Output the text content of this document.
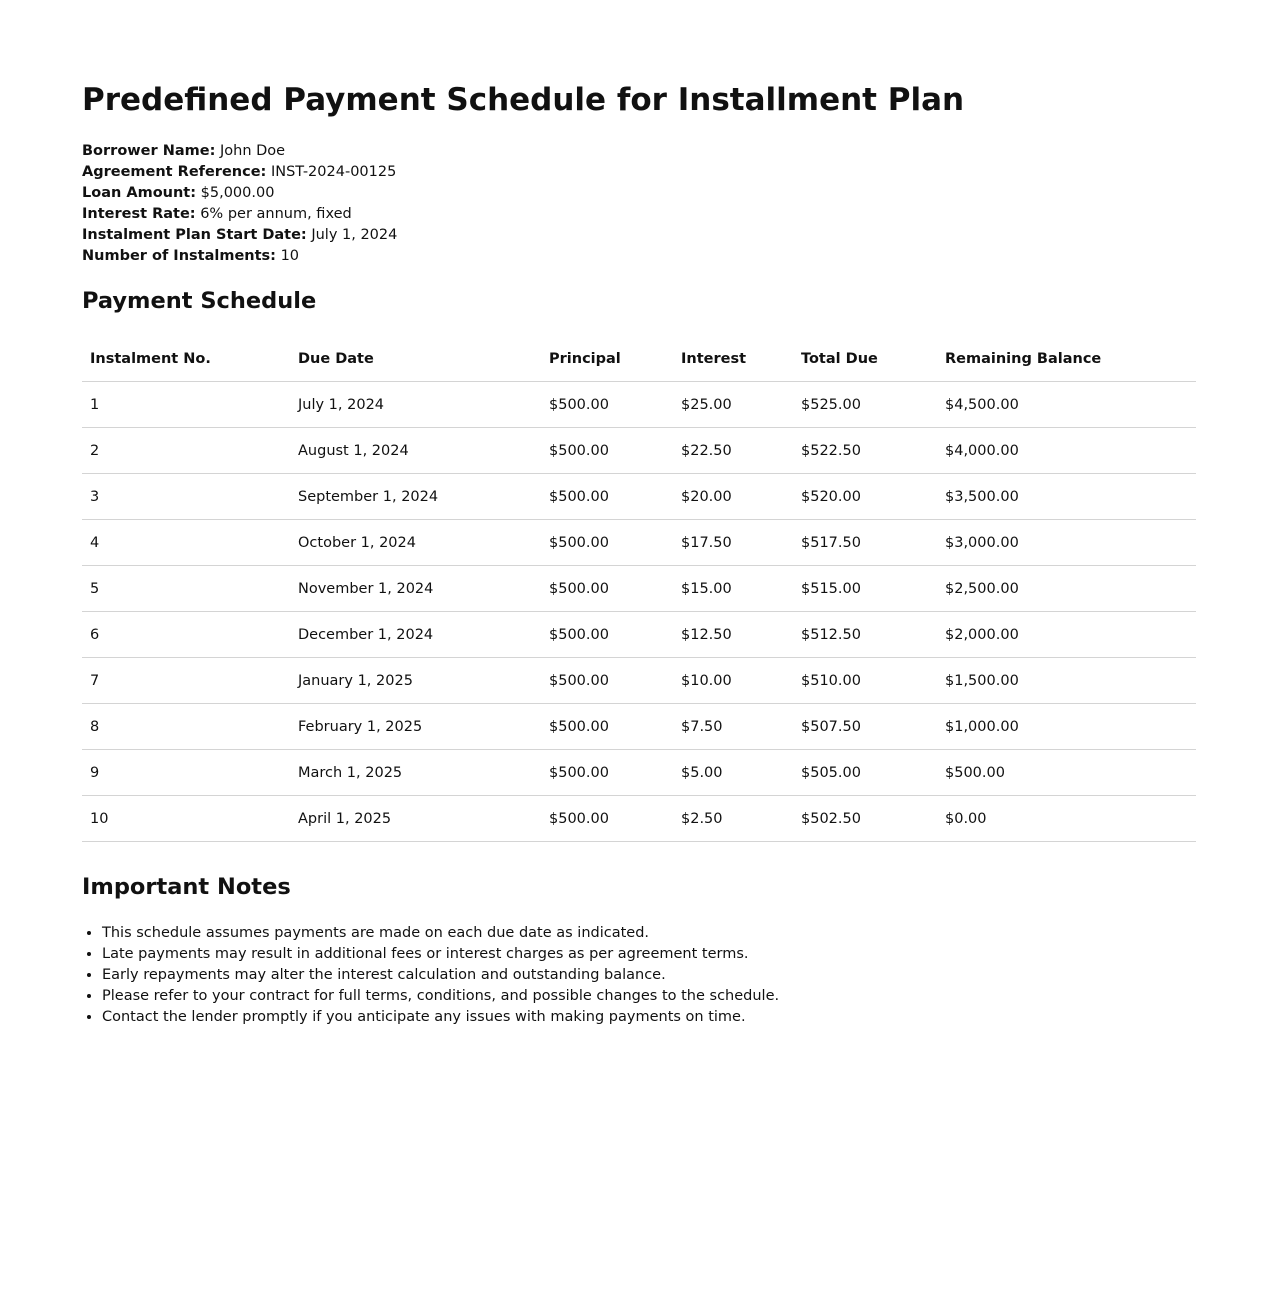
Predefined Payment Schedule for Installment Plan
Borrower Name: John Doe
Agreement Reference: INST-2024-00125
Loan Amount: $5,000.00
Interest Rate: 6% per annum, fixed
Instalment Plan Start Date: July 1, 2024
Number of Instalments: 10
Payment Schedule
Instalment No.	Due Date	Principal	Interest	Total Due	Remaining Balance
1	July 1, 2024	$500.00	$25.00	$525.00	$4,500.00
2	August 1, 2024	$500.00	$22.50	$522.50	$4,000.00
3	September 1, 2024	$500.00	$20.00	$520.00	$3,500.00
4	October 1, 2024	$500.00	$17.50	$517.50	$3,000.00
5	November 1, 2024	$500.00	$15.00	$515.00	$2,500.00
6	December 1, 2024	$500.00	$12.50	$512.50	$2,000.00
7	January 1, 2025	$500.00	$10.00	$510.00	$1,500.00
8	February 1, 2025	$500.00	$7.50	$507.50	$1,000.00
9	March 1, 2025	$500.00	$5.00	$505.00	$500.00
10	April 1, 2025	$500.00	$2.50	$502.50	$0.00
Important Notes
• This schedule assumes payments are made on each due date as indicated.
• Late payments may result in additional fees or interest charges as per agreement terms.
• Early repayments may alter the interest calculation and outstanding balance.
• Please refer to your contract for full terms, conditions, and possible changes to the schedule.
• Contact the lender promptly if you anticipate any issues with making payments on time.
